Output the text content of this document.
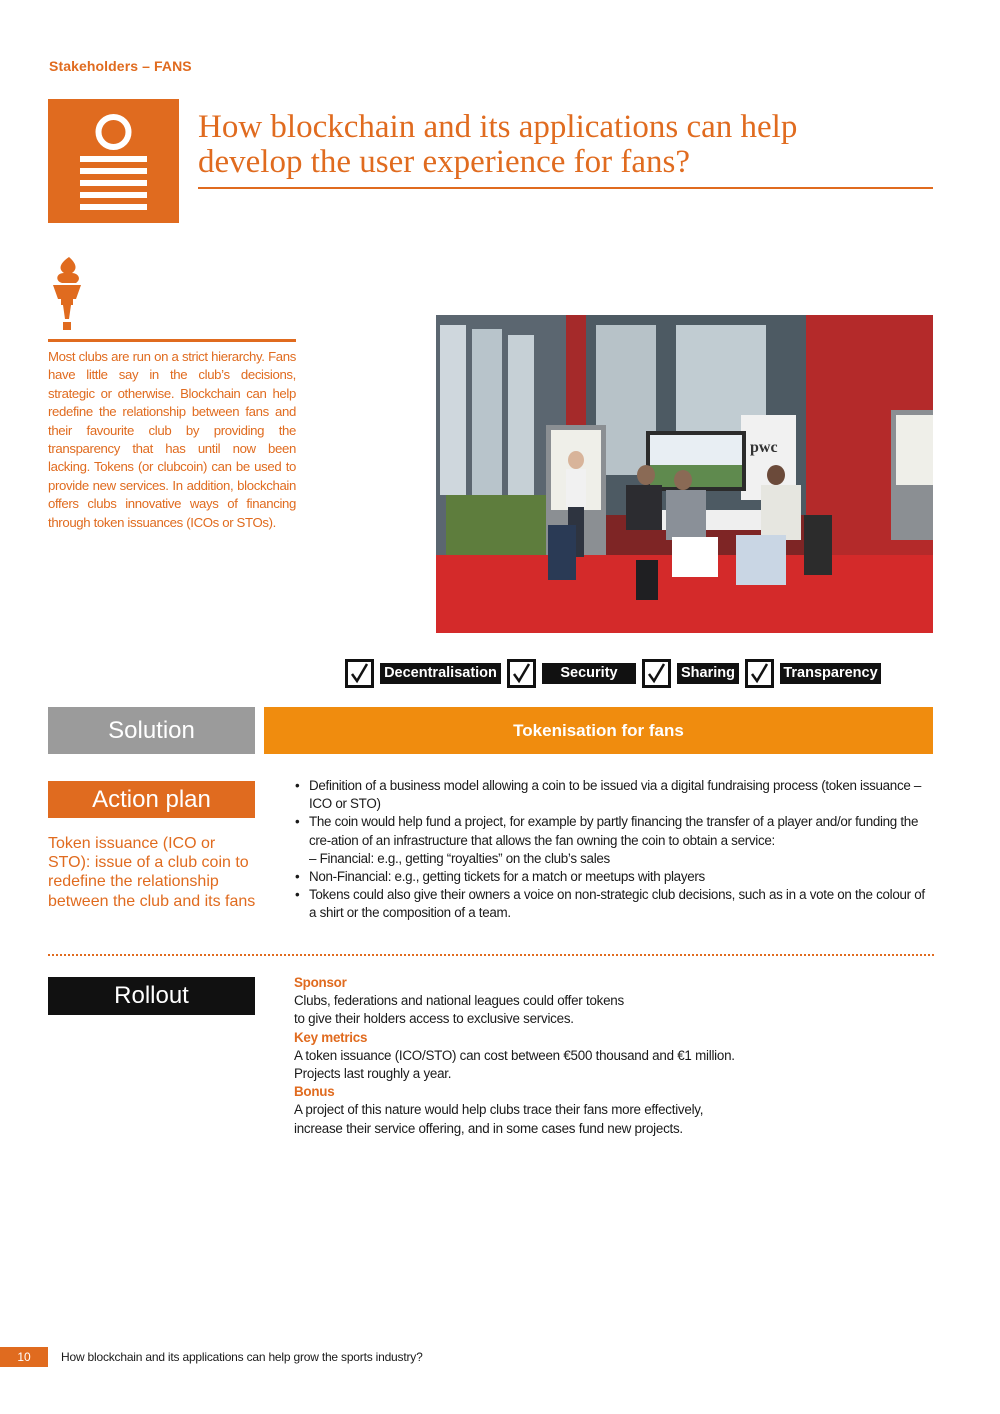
Stakeholders – FANS
How blockchain and its applications can help
develop the user experience for fans?

Most clubs are run on a strict hierarchy. Fans have little say in the club’s decisions, strategic or otherwise. Blockchain can help redefine the relationship between fans and their favourite club by providing the transparency that has until now been lacking. Tokens (or clubcoin) can be used to provide new services. In addition, blockchain offers clubs innovative ways of financing through token issuances (ICOs or STOs).

pwc
Decentralisation	Security	Sharing	Transparency
Solution	Tokenisation for fans
Action plan

Token issuance (ICO or STO): issue of a club coin to redefine the relationship between the club and its fans

• Definition of a business model allowing a coin to be issued via a digital fundraising process (token issuance – ICO or STO)
• The coin would help fund a project, for example by partly financing the transfer of a player and/or funding the cre-ation of an infrastructure that allows the fan owning the coin to obtain a service:
– Financial: e.g., getting “royalties” on the club’s sales
• Non-Financial: e.g., getting tickets for a match or meetups with players
• Tokens could also give their owners a voice on non-strategic club decisions, such as in a vote on the colour of a shirt or the composition of a team.
Rollout	Sponsor
Clubs, federations and national leagues could offer tokens
to give their holders access to exclusive services.
Key metrics
A token issuance (ICO/STO) can cost between €500 thousand and €1 million.
Projects last roughly a year.
Bonus
A project of this nature would help clubs trace their fans more effectively,
increase their service offering, and in some cases fund new projects.
10	How blockchain and its applications can help grow the sports industry?
